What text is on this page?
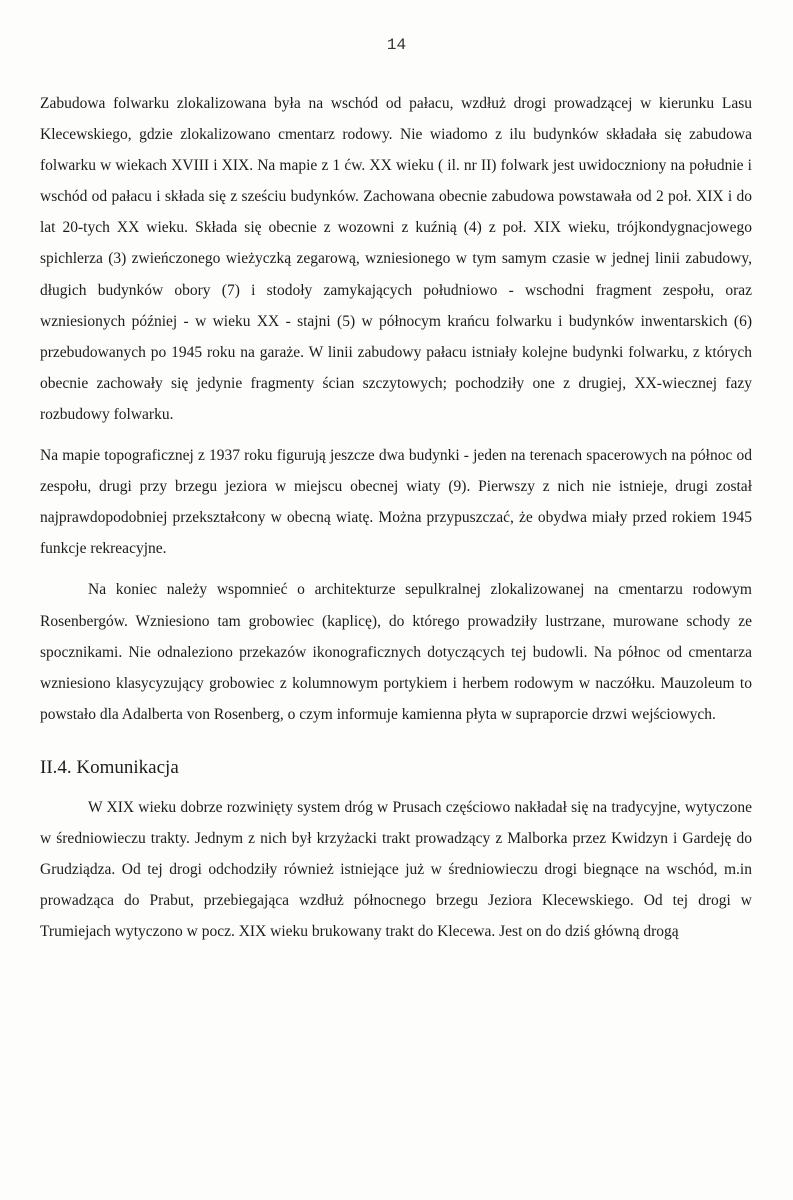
14

Zabudowa folwarku zlokalizowana była na wschód od pałacu, wzdłuż drogi prowadzącej w kierunku Lasu Klecewskiego, gdzie zlokalizowano cmentarz rodowy. Nie wiadomo z ilu budynków składała się zabudowa folwarku w wiekach XVIII i XIX. Na mapie z 1 ćw. XX wieku ( il. nr II) folwark jest uwidoczniony na południe i wschód od pałacu i składa się z sześciu budynków. Zachowana obecnie zabudowa powstawała od 2 poł. XIX i do lat 20-tych XX wieku. Składa się obecnie z wozowni z kuźnią (4) z poł. XIX wieku, trójkondygnacjowego spichlerza (3) zwieńczonego wieżyczką zegarową, wzniesionego w tym samym czasie w jednej linii zabudowy, długich budynków obory (7) i stodoły zamykających południowo - wschodni fragment zespołu, oraz wzniesionych później - w wieku XX - stajni (5) w północym krańcu folwarku i budynków inwentarskich (6) przebudowanych po 1945 roku na garaże. W linii zabudowy pałacu istniały kolejne budynki folwarku, z których obecnie zachowały się jedynie fragmenty ścian szczytowych; pochodziły one z drugiej, XX-wiecznej fazy rozbudowy folwarku.

Na mapie topograficznej z 1937 roku figurują jeszcze dwa budynki - jeden na terenach spacerowych na północ od zespołu, drugi przy brzegu jeziora w miejscu obecnej wiaty (9). Pierwszy z nich nie istnieje, drugi został najprawdopodobniej przekształcony w obecną wiatę. Można przypuszczać, że obydwa miały przed rokiem 1945 funkcje rekreacyjne.

Na koniec należy wspomnieć o architekturze sepulkralnej zlokalizowanej na cmentarzu rodowym Rosenbergów. Wzniesiono tam grobowiec (kaplicę), do którego prowadziły lustrzane, murowane schody ze spocznikami. Nie odnaleziono przekazów ikonograficznych dotyczących tej budowli. Na północ od cmentarza wzniesiono klasycyzujący grobowiec z kolumnowym portykiem i herbem rodowym w naczółku. Mauzoleum to powstało dla Adalberta von Rosenberg, o czym informuje kamienna płyta w supraporcie drzwi wejściowych.

II.4. Komunikacja

W XIX wieku dobrze rozwinięty system dróg w Prusach częściowo nakładał się na tradycyjne, wytyczone w średniowieczu trakty. Jednym z nich był krzyżacki trakt prowadzący z Malborka przez Kwidzyn i Gardeję do Grudziądza. Od tej drogi odchodziły również istniejące już w średniowieczu drogi biegnące na wschód, m.in prowadząca do Prabut, przebiegająca wzdłuż północnego brzegu Jeziora Klecewskiego. Od tej drogi w Trumiejach wytyczono w pocz. XIX wieku brukowany trakt do Klecewa. Jest on do dziś główną drogą
